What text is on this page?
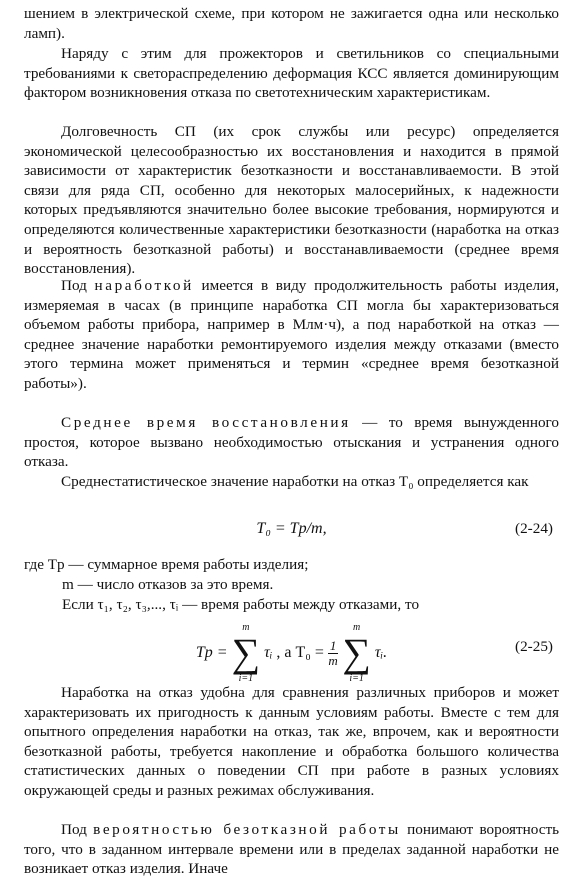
шением в электрической схеме, при котором не зажигается одна или несколько ламп).

Наряду с этим для прожекторов и светильников со специальными требованиями к светораспределению деформация КСС является доминирующим фактором возникновения отказа по светотехническим характеристикам.

Долговечность СП (их срок службы или ресурс) определяется экономической целесообразностью их восстановления и находится в прямой зависимости от характеристик безотказности и восстанавливаемости. В этой связи для ряда СП, особенно для некоторых малосерийных, к надежности которых предъявляются значительно более высокие требования, нормируются и определяются количественные характеристики безотказности (наработка на отказ и вероятность безотказной работы) и восстанавливаемости (среднее время восстановления).

Под наработкой имеется в виду продолжительность работы изделия, измеряемая в часах (в принципе наработка СП могла бы характеризоваться объемом работы прибора, например в Млм·ч), а под наработкой на отказ — среднее значение наработки ремонтируемого изделия между отказами (вместо этого термина может применяться и термин «среднее время безотказной работы»).

Среднее время восстановления — то время вынужденного простоя, которое вызвано необходимостью отыскания и устранения одного отказа.

Среднестатистическое значение наработки на отказ T₀ определяется как

T₀ = Tр/m,	(2-24)

где Tр — суммарное время работы изделия;

m — число отказов за это время.

Если τ₁, τ₂, τ₃,..., τᵢ — время работы между отказами, то

Tр =
m
∑
i=1
τᵢ , а $T_0 = \frac{1}{m}$

m
∑
i=1
τᵢ.	(2-25)

Наработка на отказ удобна для сравнения различных приборов и может характеризовать их пригодность к данным условиям работы. Вместе с тем для опытного определения наработки на отказ, так же, впрочем, как и вероятности безотказной работы, требуется накопление и обработка большого количества статистических данных о поведении СП при работе в разных условиях окружающей среды и разных режимах обслуживания.

Под вероятностью безотказной работы понимают вороятность того, что в заданном интервале времени или в пределах заданной наработки не возникает отказ изделия. Иначе
